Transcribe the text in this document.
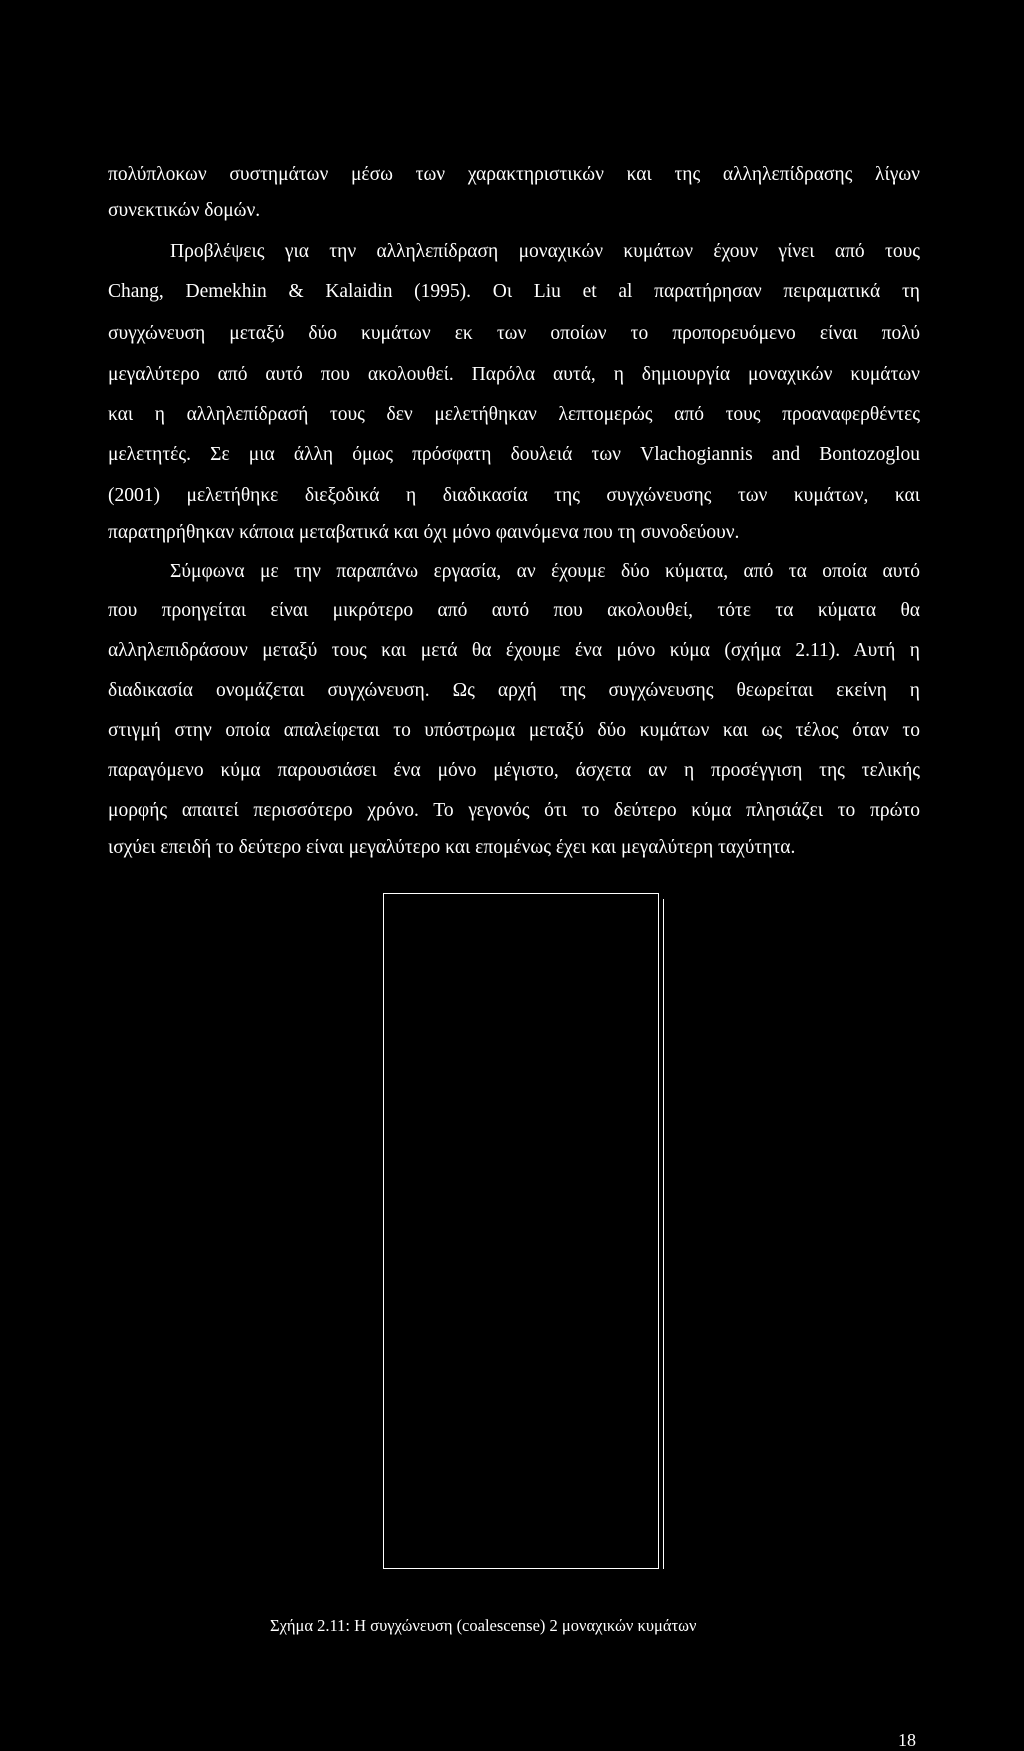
πολύπλοκων συστημάτων μέσω των χαρακτηριστικών και της αλληλεπίδρασης λίγων
συνεκτικών δομών.
Προβλέψεις για την αλληλεπίδραση μοναχικών κυμάτων έχουν γίνει από τους
Chang, Demekhin & Kalaidin (1995). Οι Liu et al παρατήρησαν πειραματικά τη
συγχώνευση μεταξύ δύο κυμάτων εκ των οποίων το προπορευόμενο είναι πολύ
μεγαλύτερο από αυτό που ακολουθεί. Παρόλα αυτά, η δημιουργία μοναχικών κυμάτων
και η αλληλεπίδρασή τους δεν μελετήθηκαν λεπτομερώς από τους προαναφερθέντες
μελετητές. Σε μια άλλη όμως πρόσφατη δουλειά των Vlachogiannis and Bontozoglou
(2001) μελετήθηκε διεξοδικά η διαδικασία της συγχώνευσης των κυμάτων, και
παρατηρήθηκαν κάποια μεταβατικά και όχι μόνο φαινόμενα που τη συνοδεύουν.
Σύμφωνα με την παραπάνω εργασία, αν έχουμε δύο κύματα, από τα οποία αυτό
που προηγείται είναι μικρότερο από αυτό που ακολουθεί, τότε τα κύματα θα
αλληλεπιδράσουν μεταξύ τους και μετά θα έχουμε ένα μόνο κύμα (σχήμα 2.11). Αυτή η
διαδικασία ονομάζεται συγχώνευση. Ως αρχή της συγχώνευσης θεωρείται εκείνη η
στιγμή στην οποία απαλείφεται το υπόστρωμα μεταξύ δύο κυμάτων και ως τέλος όταν το
παραγόμενο κύμα παρουσιάσει ένα μόνο μέγιστο, άσχετα αν η προσέγγιση της τελικής
μορφής απαιτεί περισσότερο χρόνο. Το γεγονός ότι το δεύτερο κύμα πλησιάζει το πρώτο
ισχύει επειδή το δεύτερο είναι μεγαλύτερο και επομένως έχει και μεγαλύτερη ταχύτητα.
Σχήμα 2.11: Η συγχώνευση (coalescense) 2 μοναχικών κυμάτων
18
